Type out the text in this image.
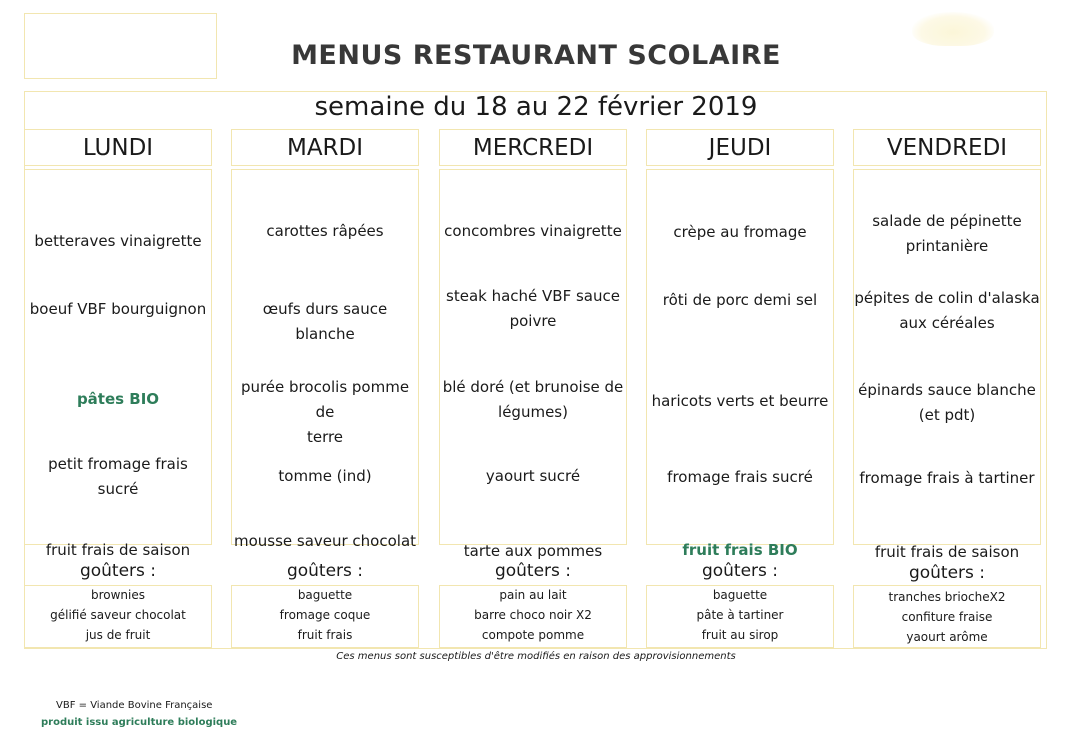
MENUS RESTAURANT SCOLAIRE
semaine du 18 au 22 février 2019
LUNDI
betteraves vinaigrette
boeuf VBF bourguignon
pâtes BIO
petit fromage frais
sucré
fruit frais de saison
goûters :
brownies
gélifié saveur chocolat
jus de fruit
MARDI
carottes râpées
œufs durs sauce blanche
purée brocolis pomme de
terre
tomme (ind)
mousse saveur chocolat
goûters :
baguette
fromage coque
fruit frais
MERCREDI
concombres vinaigrette
steak haché VBF sauce
poivre
blé doré (et brunoise de
légumes)
yaourt sucré
tarte aux pommes
goûters :
pain au lait
barre choco noir X2
compote pomme
JEUDI
crèpe au fromage
rôti de porc demi sel
haricots verts et beurre
fromage frais sucré
fruit frais BIO
goûters :
baguette
pâte à tartiner
fruit au sirop
VENDREDI
salade de pépinette
printanière
pépites de colin d'alaska
aux céréales
épinards sauce blanche
(et pdt)
fromage frais à tartiner
fruit frais de saison
goûters :
tranches briocheX2
confiture fraise
yaourt arôme
Ces menus sont susceptibles d'être modifiés en raison des approvisionnements
VBF = Viande Bovine Française
produit issu agriculture biologique
